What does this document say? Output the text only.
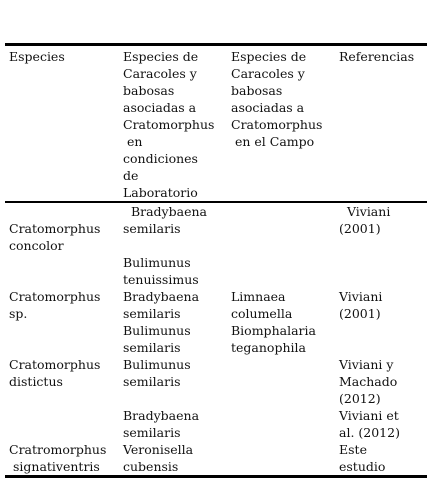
Especies	Especies de
Caracoles y
babosas
asociadas a
Cratomorphus
en
condiciones
de
Laboratorio
Especies de
Caracoles y
babosas
asociadas a
Cratomorphus
en el Campo
Referencias

Cratomorphus
concolor
Bradybaena
semilaris

Bulimunus
tenuissimus
Viviani
(2001)
Cratomorphus
sp.
Bradybaena
semilaris
Bulimunus
semilaris
Limnaea
columella
Biomphalaria
teganophila
Viviani
(2001)
Cratomorphus
distictus
Bulimunus
semilaris
Viviani y
Machado
(2012)
Bradybaena
semilaris
Viviani et
al. (2012)
Cratromorphus
signativentris
Veronisella
cubensis
Este
estudio
